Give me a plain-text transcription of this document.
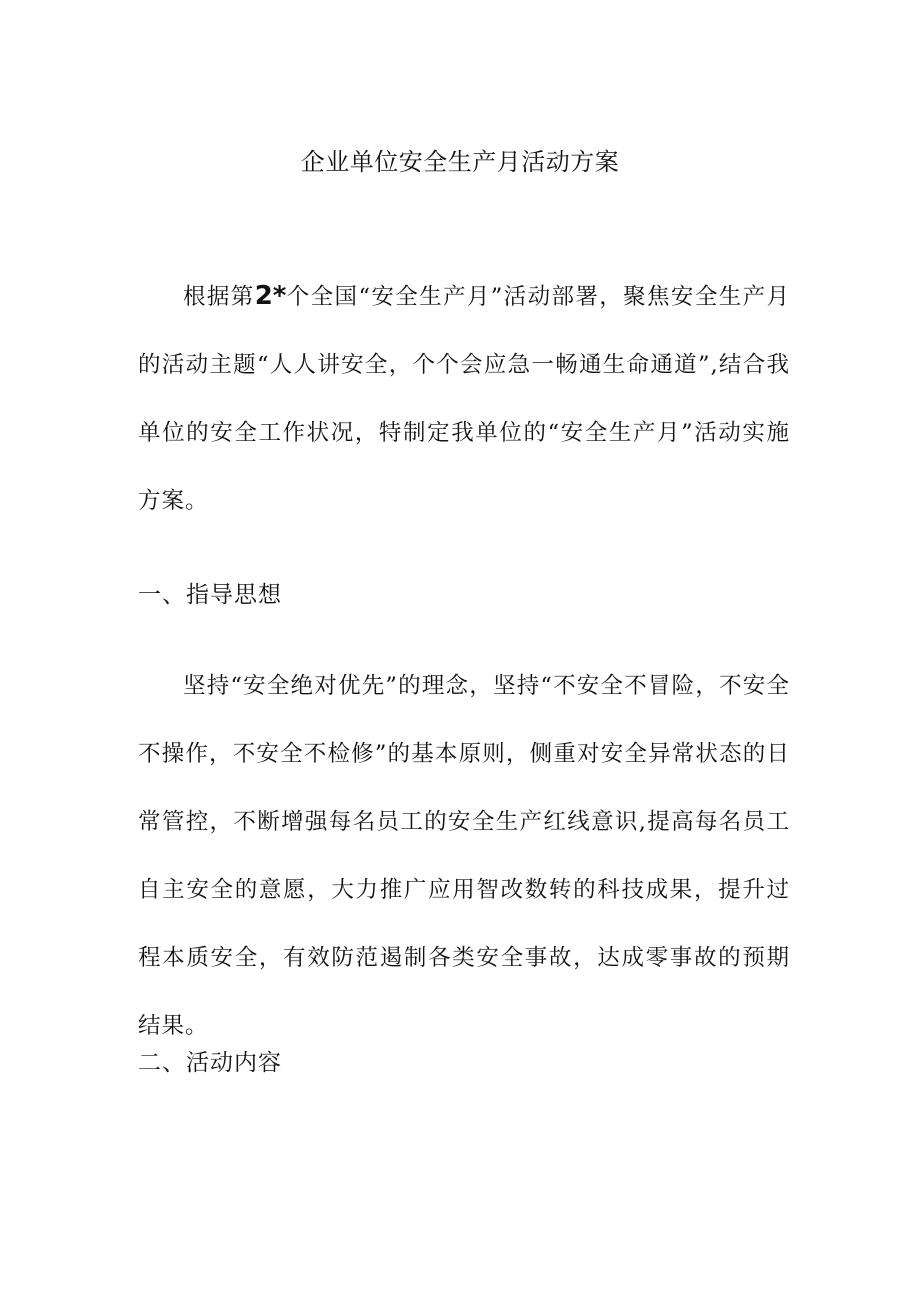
企业单位安全生产月活动方案

根据第2*个全国“安全生产月”活动部署，聚焦安全生产月的活动主题“人人讲安全，个个会应急一畅通生命通道”,结合我单位的安全工作状况，特制定我单位的“安全生产月”活动实施方案。

一、指导思想

坚持“安全绝对优先”的理念，坚持“不安全不冒险，不安全不操作，不安全不检修”的基本原则，侧重对安全异常状态的日常管控，不断增强每名员工的安全生产红线意识,提高每名员工自主安全的意愿，大力推广应用智改数转的科技成果，提升过程本质安全，有效防范遏制各类安全事故，达成零事故的预期结果。

二、活动内容
